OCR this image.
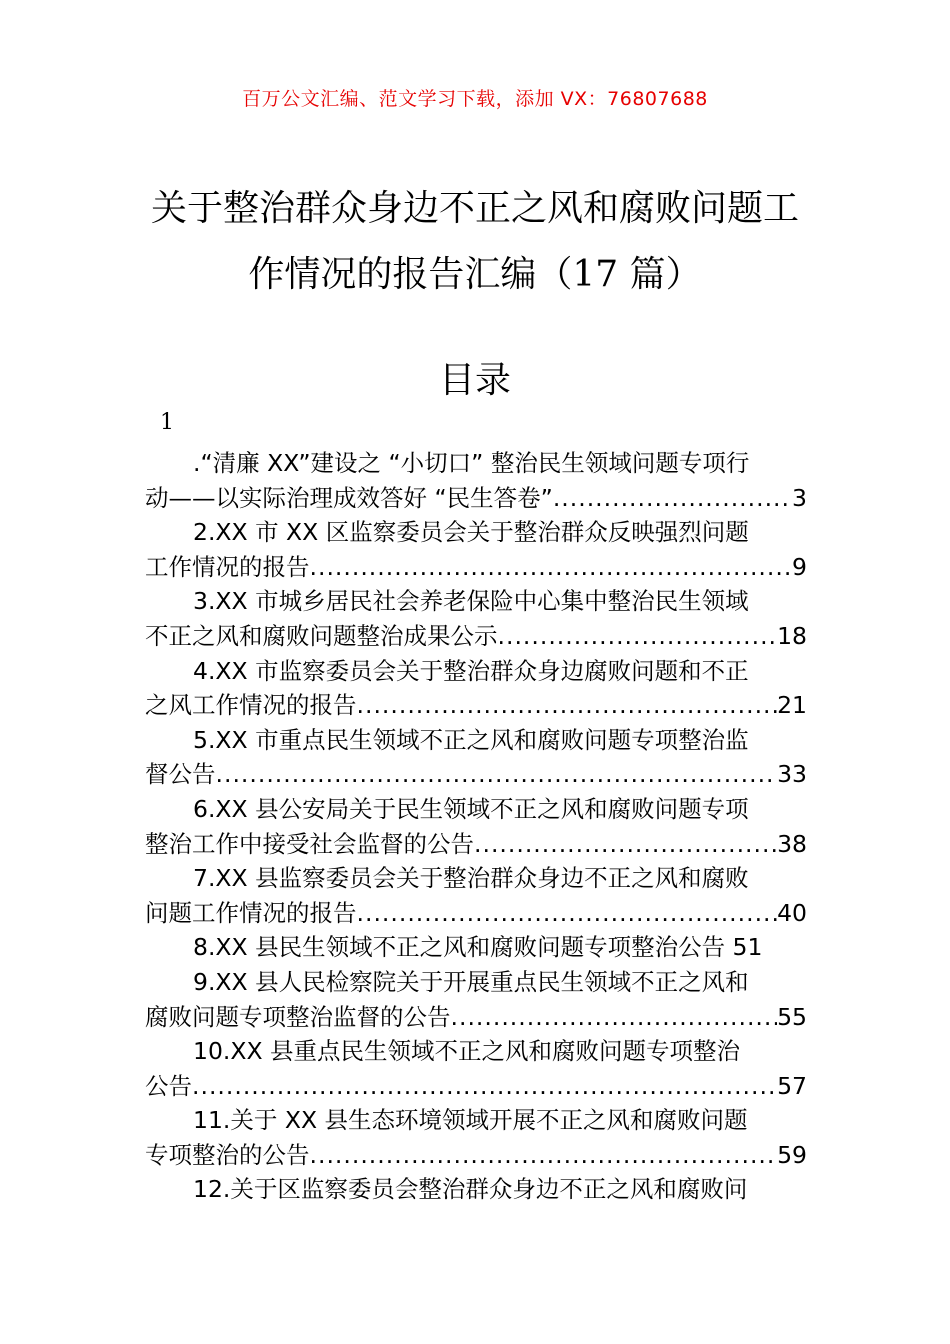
百万公文汇编、范文学习下载，添加 VX：76807688
关于整治群众身边不正之风和腐败问题工
作情况的报告汇编（17 篇）
目录
1
.“清廉 XX”建设之 “小切口” 整治民生领域问题专项行
动——以实际治理成效答好 “民生答卷” .....	3
2.XX 市 XX 区监察委员会关于整治群众反映强烈问题
工作情况的报告 .....	9
3.XX 市城乡居民社会养老保险中心集中整治民生领域
不正之风和腐败问题整治成果公示 .....	18
4.XX 市监察委员会关于整治群众身边腐败问题和不正
之风工作情况的报告 .....	21
5.XX 市重点民生领域不正之风和腐败问题专项整治监
督公告 .....	33
6.XX 县公安局关于民生领域不正之风和腐败问题专项
整治工作中接受社会监督的公告 .....	38
7.XX 县监察委员会关于整治群众身边不正之风和腐败
问题工作情况的报告 .....	40
8.XX 县民生领域不正之风和腐败问题专项整治公告 51
9.XX 县人民检察院关于开展重点民生领域不正之风和
腐败问题专项整治监督的公告 .....	55
10.XX 县重点民生领域不正之风和腐败问题专项整治
公告 .....	57
11.关于 XX 县生态环境领域开展不正之风和腐败问题
专项整治的公告 .....	59
12.关于区监察委员会整治群众身边不正之风和腐败问
